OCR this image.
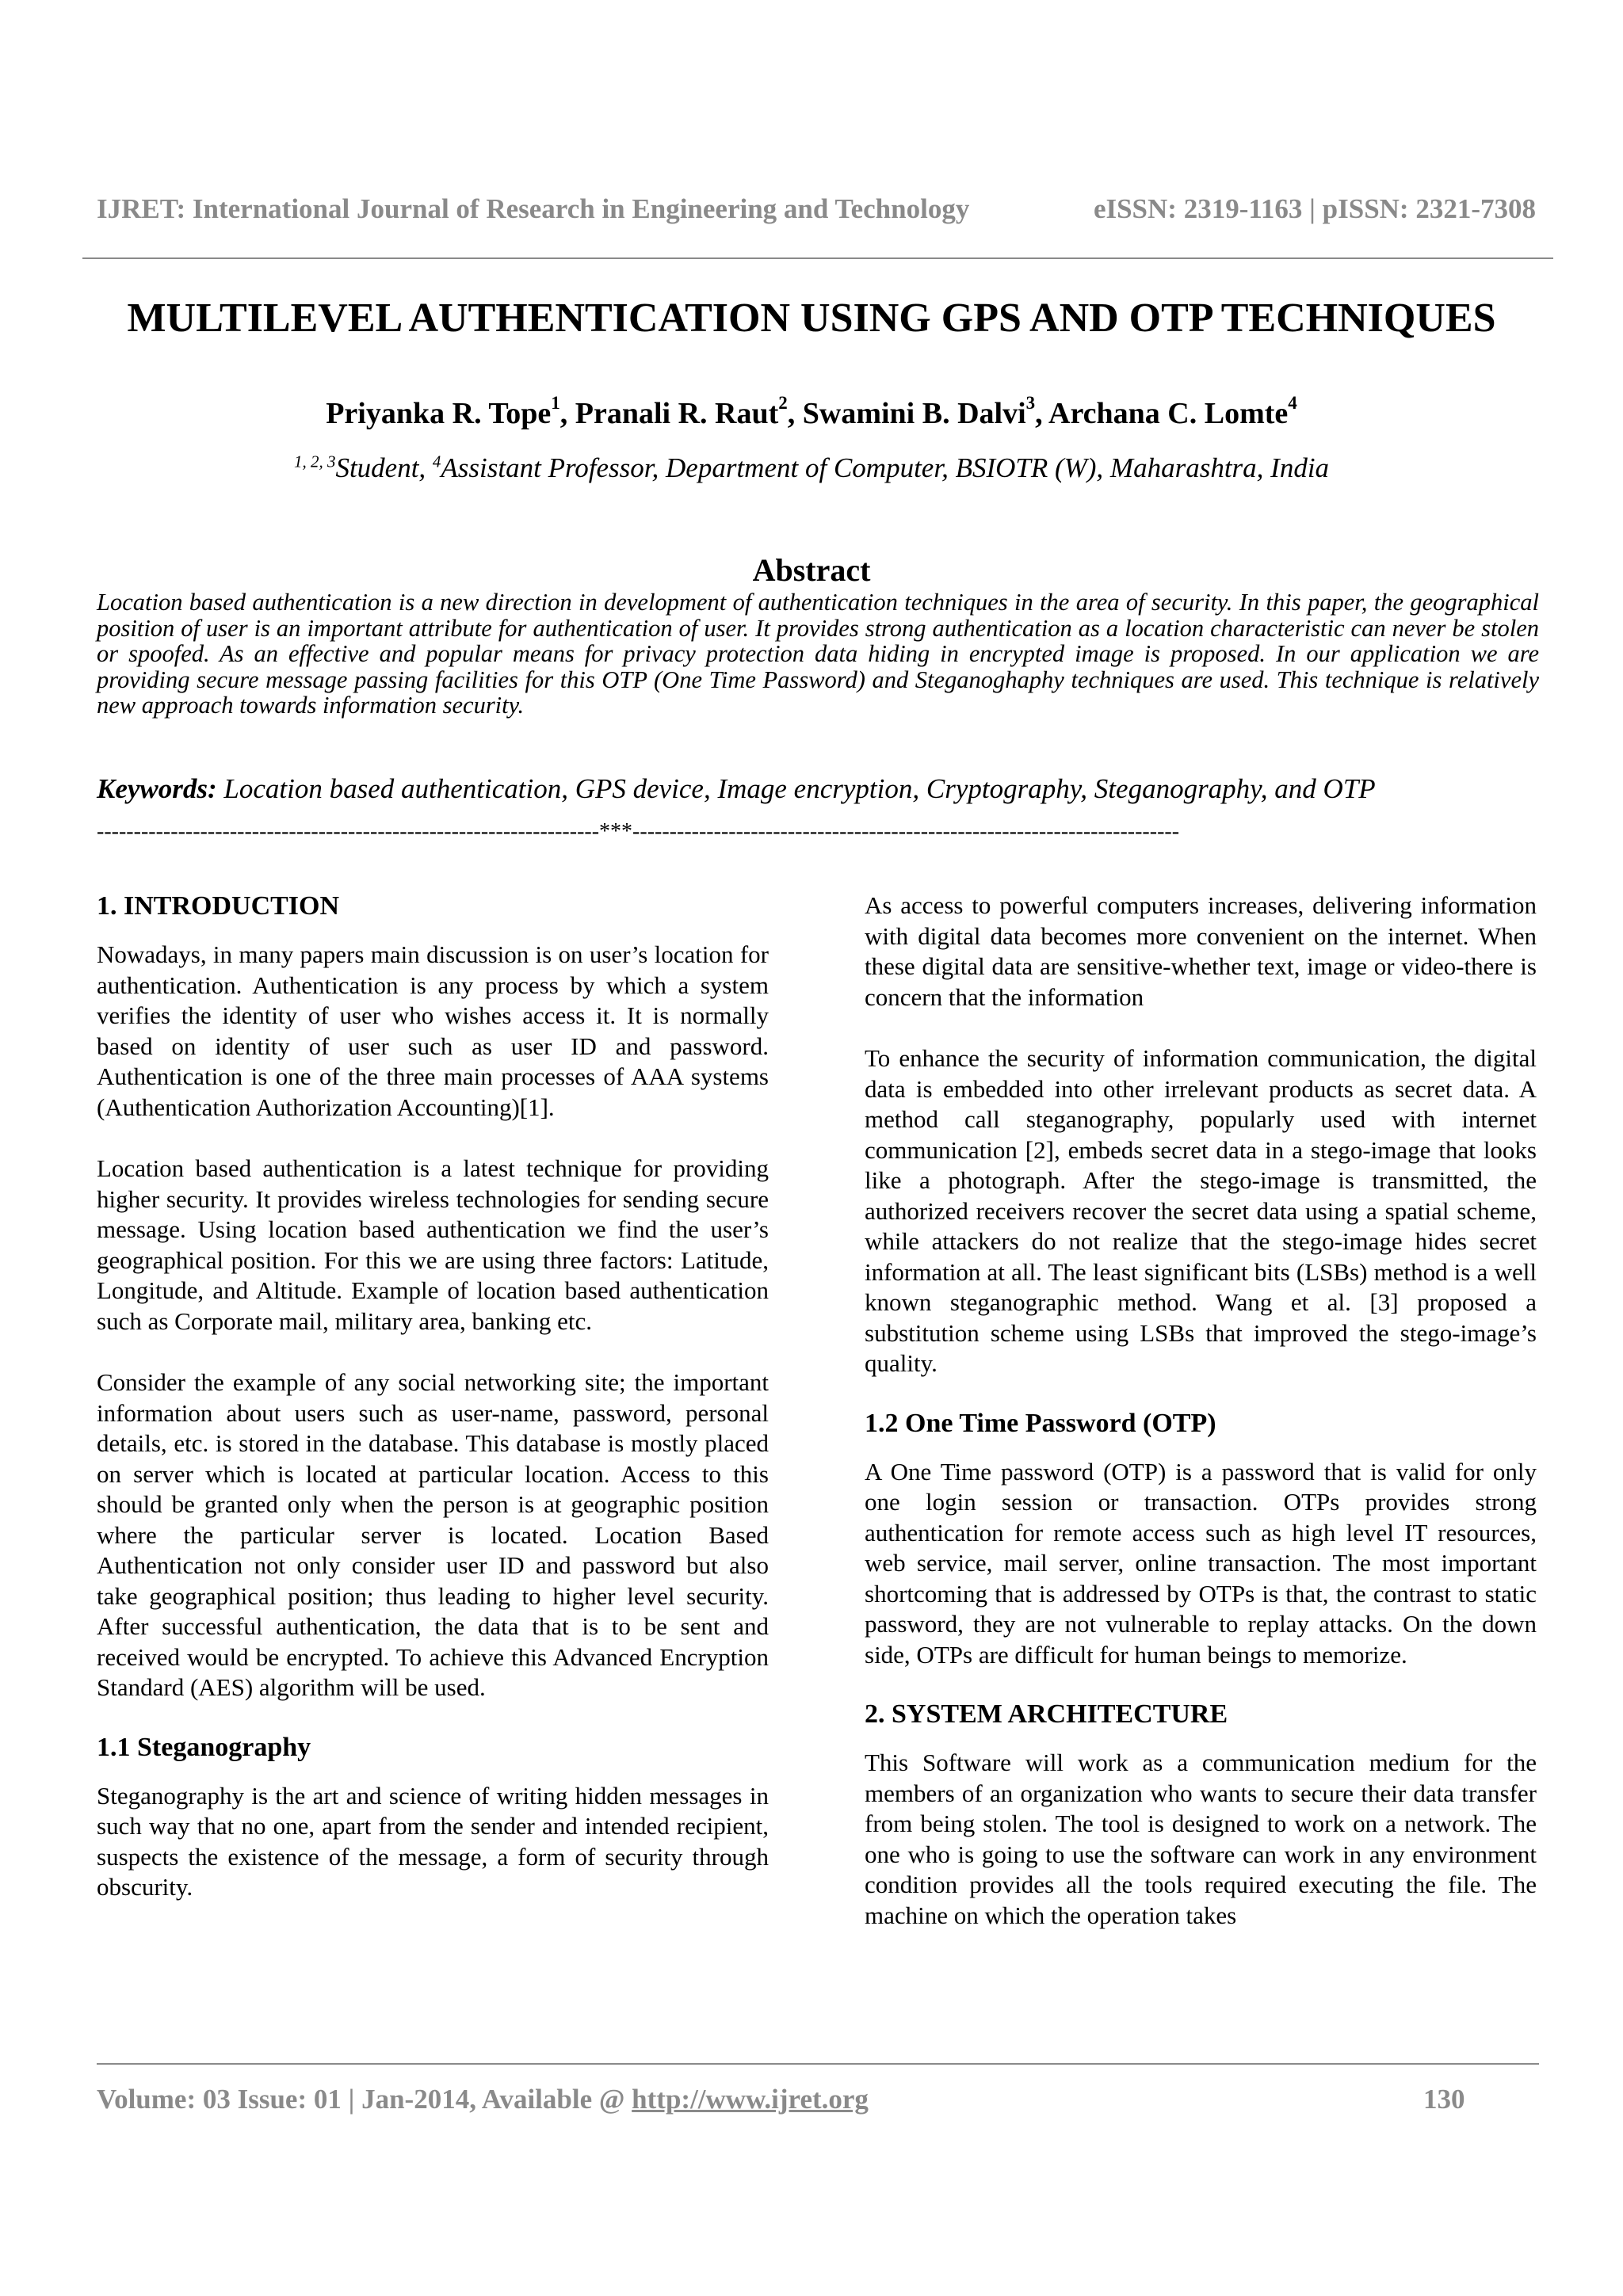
IJRET: International Journal of Research in Engineering and Technology	eISSN: 2319-1163 | pISSN: 2321-7308
MULTILEVEL AUTHENTICATION USING GPS AND OTP TECHNIQUES
Priyanka R. Tope$^1$, Pranali R. Raut$^2$, Swamini B. Dalvi$^3$, Archana C. Lomte$^4$
$^{1, 2, 3}$Student, $^4$Assistant Professor, Department of Computer, BSIOTR (W), Maharashtra, India
Abstract
Location based authentication is a new direction in development of authentication techniques in the area of security. In this paper, the geographical position of user is an important attribute for authentication of user. It provides strong authentication as a location characteristic can never be stolen or spoofed. As an effective and popular means for privacy protection data hiding in encrypted image is proposed. In our application we are providing secure message passing facilities for this OTP (One Time Password) and Steganoghaphy techniques are used. This technique is relatively new approach towards information security.
Keywords: Location based authentication, GPS device, Image encryption, Cryptography, Steganography, and OTP
--------------------------------------------------------------------***--------------------------------------------------------------------------
1. INTRODUCTION

Nowadays, in many papers main discussion is on user’s location for authentication. Authentication is any process by which a system verifies the identity of user who wishes access it. It is normally based on identity of user such as user ID and password. Authentication is one of the three main processes of AAA systems (Authentication Authorization Accounting)[1].

Location based authentication is a latest technique for providing higher security. It provides wireless technologies for sending secure message. Using location based authentication we find the user’s geographical position. For this we are using three factors: Latitude, Longitude, and Altitude. Example of location based authentication such as Corporate mail, military area, banking etc.

Consider the example of any social networking site; the important information about users such as user-name, password, personal details, etc. is stored in the database. This database is mostly placed on server which is located at particular location. Access to this should be granted only when the person is at geographic position where the particular server is located. Location Based Authentication not only consider user ID and password but also take geographical position; thus leading to higher level security. After successful authentication, the data that is to be sent and received would be encrypted. To achieve this Advanced Encryption Standard (AES) algorithm will be used.

1.1 Steganography

Steganography is the art and science of writing hidden messages in such way that no one, apart from the sender and intended recipient, suspects the existence of the message, a form of security through obscurity.

As access to powerful computers increases, delivering information with digital data becomes more convenient on the internet. When these digital data are sensitive-whether text, image or video-there is concern that the information

To enhance the security of information communication, the digital data is embedded into other irrelevant products as secret data. A method call steganography, popularly used with internet communication [2], embeds secret data in a stego-image that looks like a photograph. After the stego-image is transmitted, the authorized receivers recover the secret data using a spatial scheme, while attackers do not realize that the stego-image hides secret information at all. The least significant bits (LSBs) method is a well known steganographic method. Wang et al. [3] proposed a substitution scheme using LSBs that improved the stego-image’s quality.

1.2 One Time Password (OTP)

A One Time password (OTP) is a password that is valid for only one login session or transaction. OTPs provides strong authentication for remote access such as high level IT resources, web service, mail server, online transaction. The most important shortcoming that is addressed by OTPs is that, the contrast to static password, they are not vulnerable to replay attacks. On the down side, OTPs are difficult for human beings to memorize.

2. SYSTEM ARCHITECTURE

This Software will work as a communication medium for the members of an organization who wants to secure their data transfer from being stolen. The tool is designed to work on a network. The one who is going to use the software can work in any environment condition provides all the tools required executing the file. The machine on which the operation takes

Volume: 03 Issue: 01 | Jan-2014, Available @ http://www.ijret.org	130
